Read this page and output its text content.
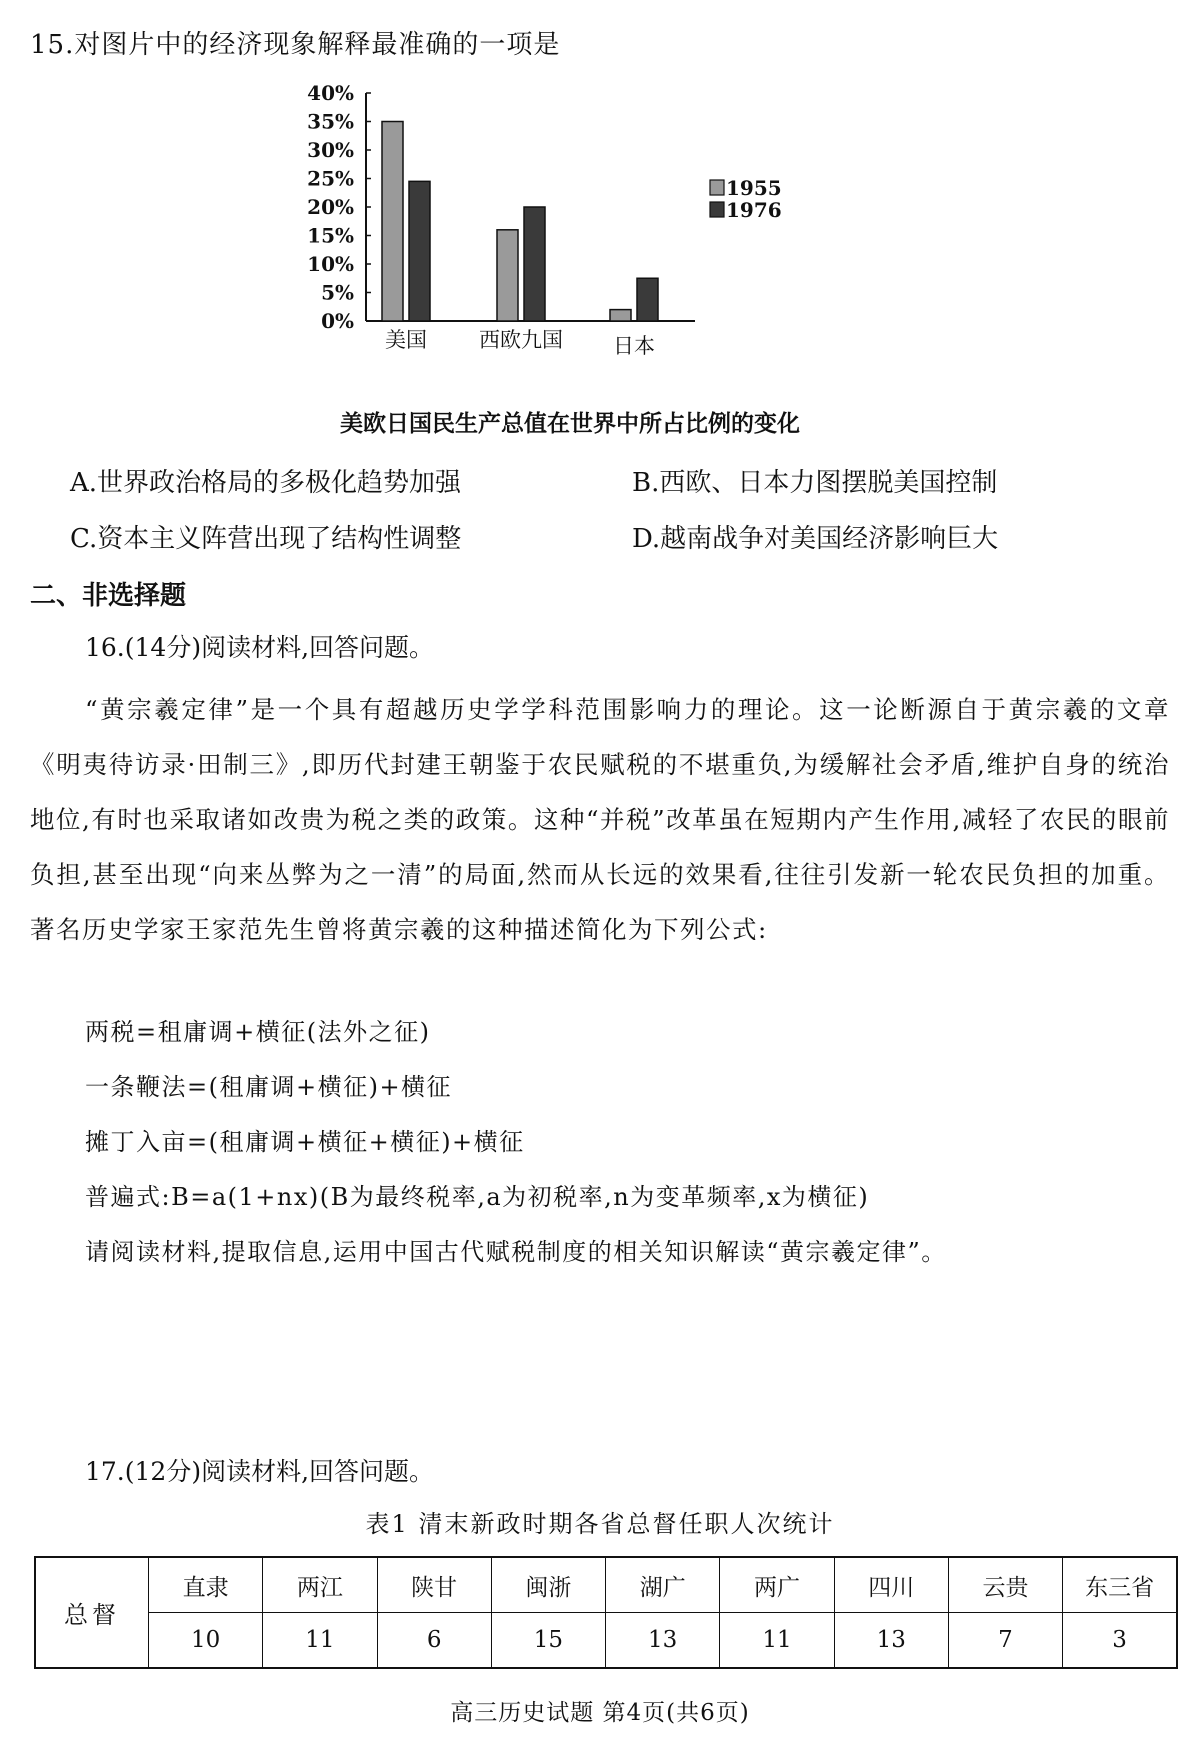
15.对图片中的经济现象解释最准确的一项是
0%
5%
10%
15%
20%
25%
30%
35%
40%
美国 西欧九国 日本
1955
1976
美欧日国民生产总值在世界中所占比例的变化
A.世界政治格局的多极化趋势加强	B.西欧、日本力图摆脱美国控制
C.资本主义阵营出现了结构性调整	D.越南战争对美国经济影响巨大
二、非选择题
16.(14分)阅读材料,回答问题。
“黄宗羲定律”是一个具有超越历史学学科范围影响力的理论。这一论断源自于黄宗羲的文章《明夷待访录·田制三》,即历代封建王朝鉴于农民赋税的不堪重负,为缓解社会矛盾,维护自身的统治地位,有时也采取诸如改贵为税之类的政策。这种“并税”改革虽在短期内产生作用,减轻了农民的眼前负担,甚至出现“向来丛弊为之一清”的局面,然而从长远的效果看,往往引发新一轮农民负担的加重。著名历史学家王家范先生曾将黄宗羲的这种描述简化为下列公式:
两税=租庸调+横征(法外之征)
一条鞭法=(租庸调+横征)+横征
摊丁入亩=(租庸调+横征+横征)+横征
普遍式:B=a(1+nx)(B为最终税率,a为初税率,n为变革频率,x为横征)
请阅读材料,提取信息,运用中国古代赋税制度的相关知识解读“黄宗羲定律”。
17.(12分)阅读材料,回答问题。
表1 清末新政时期各省总督任职人次统计
总督	直隶	两江	陕甘	闽浙	湖广	两广	四川	云贵	东三省
	10	11	6	15	13	11	13	7	3
高三历史试题 第4页(共6页)
